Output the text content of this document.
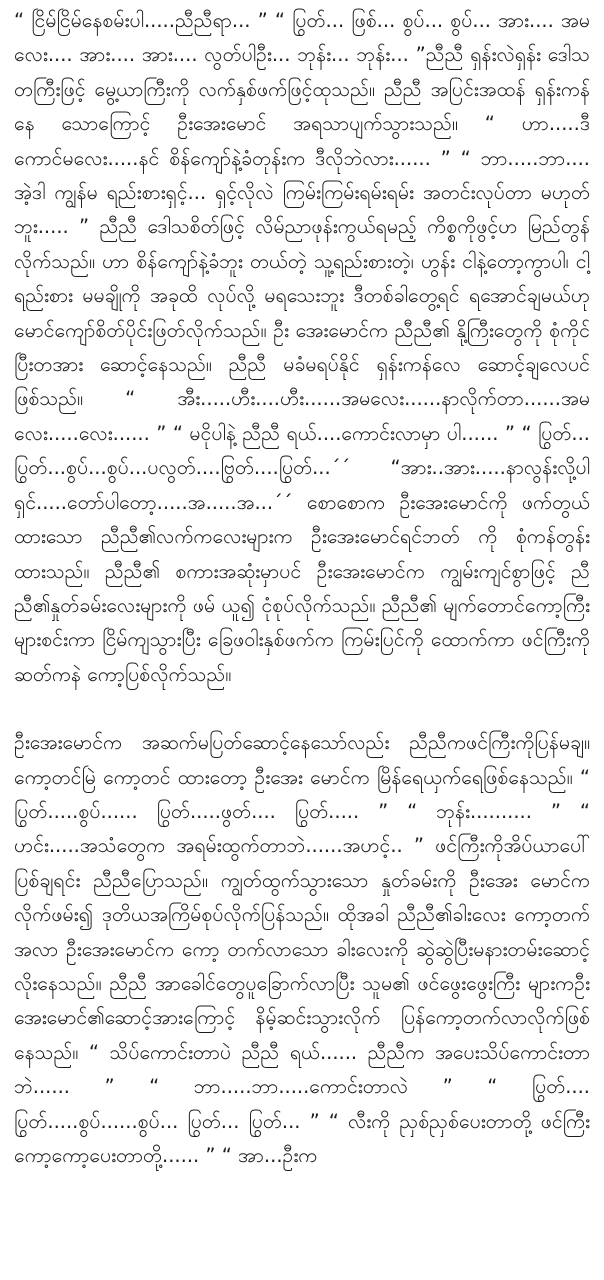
“ ငြိမ်ငြိမ်နေစမ်းပါ.....ညီညီရာ... ” “ ပြွတ်... ဖြစ်... စွပ်... စွပ်... အား.... အမလေး.... အား.... အား.... လွတ်ပါဦး... ဘုန်း... ဘုန်း... ”ညီညီ ရှန်းလဲရှန်း ဒေါသတကြီးဖြင့် မွေ့ယာကြီးကို လက်နှစ်ဖက်ဖြင့်ထုသည်။ ညီညီ အပြင်းအထန် ရှန်းကန်နေ သောကြောင့် ဦးအေးမောင် အရသာပျက်သွားသည်။ “ ဟာ.....ဒီကောင်မလေး.....နင် စိန်ကျော်နဲ့ခံတုန်းက ဒီလိုဘဲလား...... ” “ ဘာ.....ဘာ.... အဲ့ဒါ ကျွန်မ ရည်းစားရှင့်... ရှင့်လိုလဲ ကြမ်းကြမ်းရမ်းရမ်း အတင်းလုပ်တာ မဟုတ်ဘူး..... ” ညီညီ ဒေါသစိတ်ဖြင့် လိမ်ညာဖုန်းကွယ်ရမည့် ကိစ္စကိုဖွင့်ဟ မြည်တွန်လိုက်သည်။ ဟာ စိန်ကျော်နဲ့ခံဘူး တယ်တဲ့ သူ့ရည်းစားတဲ့၊ ဟွန်း ငါနဲ့တော့ကွာပါ၊ ငါ့ရည်းစား မမချိုကို အခုထိ လုပ်လို့ မရသေးဘူး ဒီတစ်ခါတွေ့ရင် ရအောင်ချမယ်ဟု မောင်ကျော်စိတ်ပိုင်းဖြတ်လိုက်သည်။ ဦး အေးမောင်က ညီညီ၏ နို့ကြီးတွေကို စုံကိုင်ပြီးတအား ဆောင့်နေသည်။ ညီညီ မခံမရပ်နိုင် ရှန်းကန်လေ ဆောင့်ချလေပင် ဖြစ်သည်။ “ အီး.....ဟီး....ဟီး......အမလေး......နာလိုက်တာ......အမလေး.....လေး...... ” “ မငိုပါနဲ့ ညီညီ ရယ်....ကောင်းလာမှာ ပါ...... ” “ ပြွတ်... ပြွတ်...စွပ်...စွပ်...ပလွတ်....ဗြွတ်....ပြွတ်...´´ “အား..အား.....နာလွန်းလို့ပါရှင်.....တော်ပါတော့.....အ.....အ...´´ စောစောက ဦးအေးမောင်ကို ဖက်တွယ်ထားသော ညီညီ၏လက်ကလေးများက ဦးအေးမောင်ရင်ဘတ် ကို စုံကန်တွန်းထားသည်။ ညီညီ၏ စကားအဆုံးမှာပင် ဦးအေးမောင်က ကျွမ်းကျင်စွာဖြင့် ညီညီ၏နှုတ်ခမ်းလေးများကို ဖမ် ယူ၍ ငုံစုပ်လိုက်သည်။ ညီညီ၏ မျက်တောင်ကော့ကြီးများစင်းကာ ငြိမ်ကျသွားပြီး ခြေဖဝါးနှစ်ဖက်က ကြမ်းပြင်ကို ထောက်ကာ ဖင်ကြီးကို ဆတ်ကနဲ ကော့ပြစ်လိုက်သည်။

ဦးအေးမောင်က အဆက်မပြတ်ဆောင့်နေသော်လည်း ညီညီကဖင်ကြီးကိုပြန်မချ။ ကော့တင်မြဲ ကော့တင် ထားတော့ ဦးအေး မောင်က မြိန်ရေယှက်ရေဖြစ်နေသည်။ “ ပြွတ်.....စွပ်...... ပြွတ်.....ဖွတ်.... ပြွတ်..... ” “ ဘုန်း.......... ” “ ဟင်း.....အသံတွေက အရမ်းထွက်တာဘဲ......အဟင့်.. ” ဖင်ကြီးကိုအိပ်ယာပေါ် ပြစ်ချရင်း ညီညီပြောသည်။ ကျွတ်ထွက်သွားသော နှုတ်ခမ်းကို ဦးအေး မောင်က လိုက်ဖမ်း၍ ဒုတိယအကြိမ်စုပ်လိုက်ပြန်သည်။ ထိုအခါ ညီညီ၏ခါးလေး ကော့တက်အလာ ဦးအေးမောင်က ကော့ တက်လာသော ခါးလေးကို ဆွဲဆွဲပြီးမနားတမ်းဆောင့်လိုးနေသည်။ ညီညီ အာခေါင်တွေပူခြောက်လာပြီး သူမ၏ ဖင်ဖွေးဖွေးကြီး များကဦးအေးမောင်၏ဆောင့်အားကြောင့် နိမ့်ဆင်းသွားလိုက် ပြန်ကော့တက်လာလိုက်ဖြစ်နေသည်။ “ သိပ်ကောင်းတာပဲ ညီညီ ရယ်...... ညီညီက အပေးသိပ်ကောင်းတာဘဲ...... ” “ ဘာ.....ဘာ.....ကောင်းတာလဲ ” “ ပြွတ်.... ပြွတ်.....စွပ်......စွပ်... ပြွတ်... ပြွတ်... ” “ လီးကို ညှစ်ညှစ်ပေးတာတို့ ဖင်ကြီးကော့ကော့ပေးတာတို့...... ” “ အာ...ဦးက
